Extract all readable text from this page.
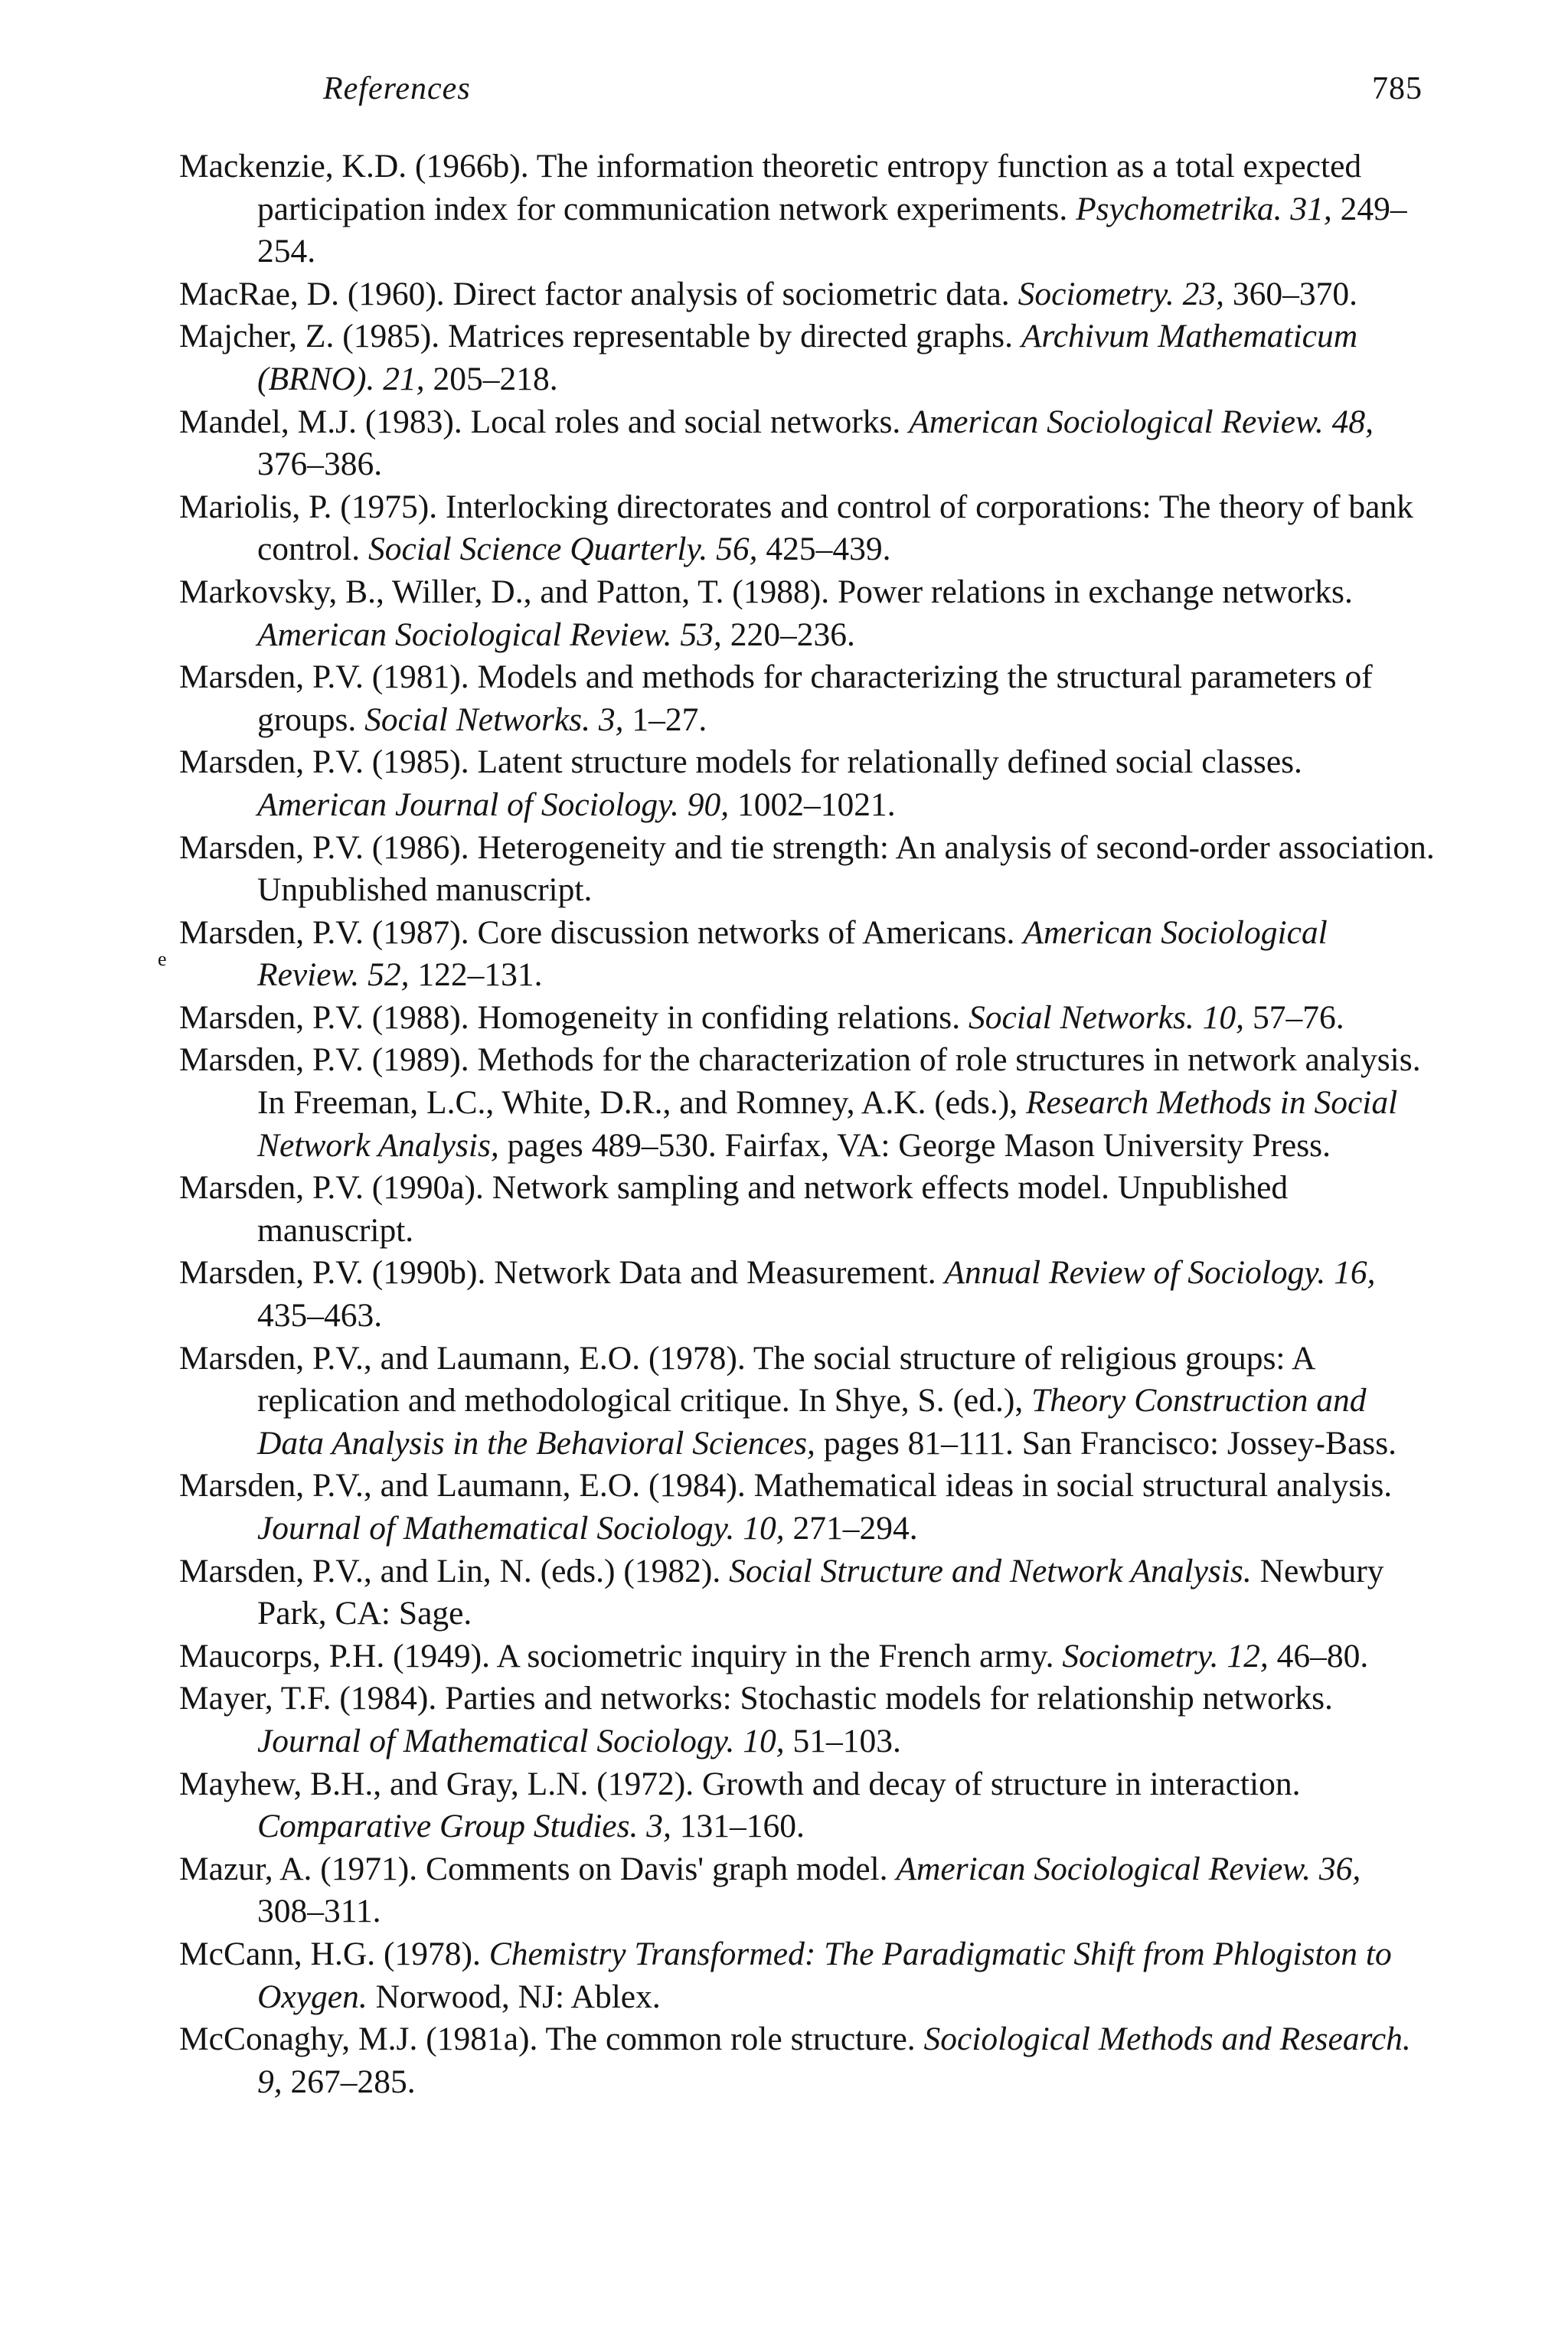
References	785
e

Mackenzie, K.D. (1966b). The information theoretic entropy function as a total expected participation index for communication network experiments. Psychometrika. 31, 249–254.

MacRae, D. (1960). Direct factor analysis of sociometric data. Sociometry. 23, 360–370.

Majcher, Z. (1985). Matrices representable by directed graphs. Archivum Mathematicum (BRNO). 21, 205–218.

Mandel, M.J. (1983). Local roles and social networks. American Sociological Review. 48, 376–386.

Mariolis, P. (1975). Interlocking directorates and control of corporations: The theory of bank control. Social Science Quarterly. 56, 425–439.

Markovsky, B., Willer, D., and Patton, T. (1988). Power relations in exchange networks. American Sociological Review. 53, 220–236.

Marsden, P.V. (1981). Models and methods for characterizing the structural parameters of groups. Social Networks. 3, 1–27.

Marsden, P.V. (1985). Latent structure models for relationally defined social classes. American Journal of Sociology. 90, 1002–1021.

Marsden, P.V. (1986). Heterogeneity and tie strength: An analysis of second-order association. Unpublished manuscript.

Marsden, P.V. (1987). Core discussion networks of Americans. American Sociological Review. 52, 122–131.

Marsden, P.V. (1988). Homogeneity in confiding relations. Social Networks. 10, 57–76.

Marsden, P.V. (1989). Methods for the characterization of role structures in network analysis. In Freeman, L.C., White, D.R., and Romney, A.K. (eds.), Research Methods in Social Network Analysis, pages 489–530. Fairfax, VA: George Mason University Press.

Marsden, P.V. (1990a). Network sampling and network effects model. Unpublished manuscript.

Marsden, P.V. (1990b). Network Data and Measurement. Annual Review of Sociology. 16, 435–463.

Marsden, P.V., and Laumann, E.O. (1978). The social structure of religious groups: A replication and methodological critique. In Shye, S. (ed.), Theory Construction and Data Analysis in the Behavioral Sciences, pages 81–111. San Francisco: Jossey-Bass.

Marsden, P.V., and Laumann, E.O. (1984). Mathematical ideas in social structural analysis. Journal of Mathematical Sociology. 10, 271–294.

Marsden, P.V., and Lin, N. (eds.) (1982). Social Structure and Network Analysis. Newbury Park, CA: Sage.

Maucorps, P.H. (1949). A sociometric inquiry in the French army. Sociometry. 12, 46–80.

Mayer, T.F. (1984). Parties and networks: Stochastic models for relationship networks. Journal of Mathematical Sociology. 10, 51–103.

Mayhew, B.H., and Gray, L.N. (1972). Growth and decay of structure in interaction. Comparative Group Studies. 3, 131–160.

Mazur, A. (1971). Comments on Davis' graph model. American Sociological Review. 36, 308–311.

McCann, H.G. (1978). Chemistry Transformed: The Paradigmatic Shift from Phlogiston to Oxygen. Norwood, NJ: Ablex.

McConaghy, M.J. (1981a). The common role structure. Sociological Methods and Research. 9, 267–285.
